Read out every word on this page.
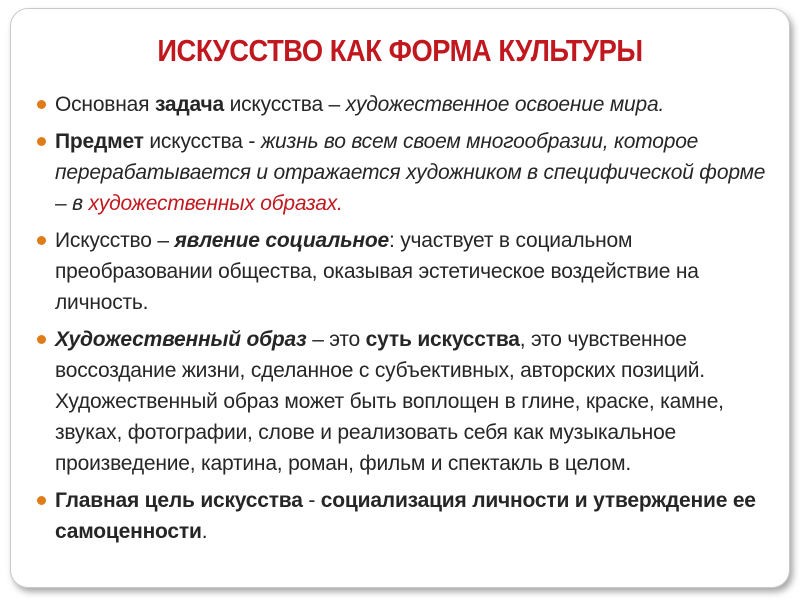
ИСКУССТВО КАК ФОРМА КУЛЬТУРЫ
Основная задача искусства – художественное освоение мира.
Предмет искусства - жизнь во всем своем многообразии, которое перерабатывается и отражается художником в специфической форме – в художественных образах.
Искусство – явление социальное: участвует в социальном преобразовании общества, оказывая эстетическое воздействие на личность.
Художественный образ – это суть искусства, это чувственное воссоздание жизни, сделанное с субъективных, авторских позиций. Художественный образ может быть воплощен в глине, краске, камне, звуках, фотографии, слове и реализовать себя как музыкальное произведение, картина, роман, фильм и спектакль в целом.
Главная цель искусства - социализация личности и утверждение ее самоценности.
